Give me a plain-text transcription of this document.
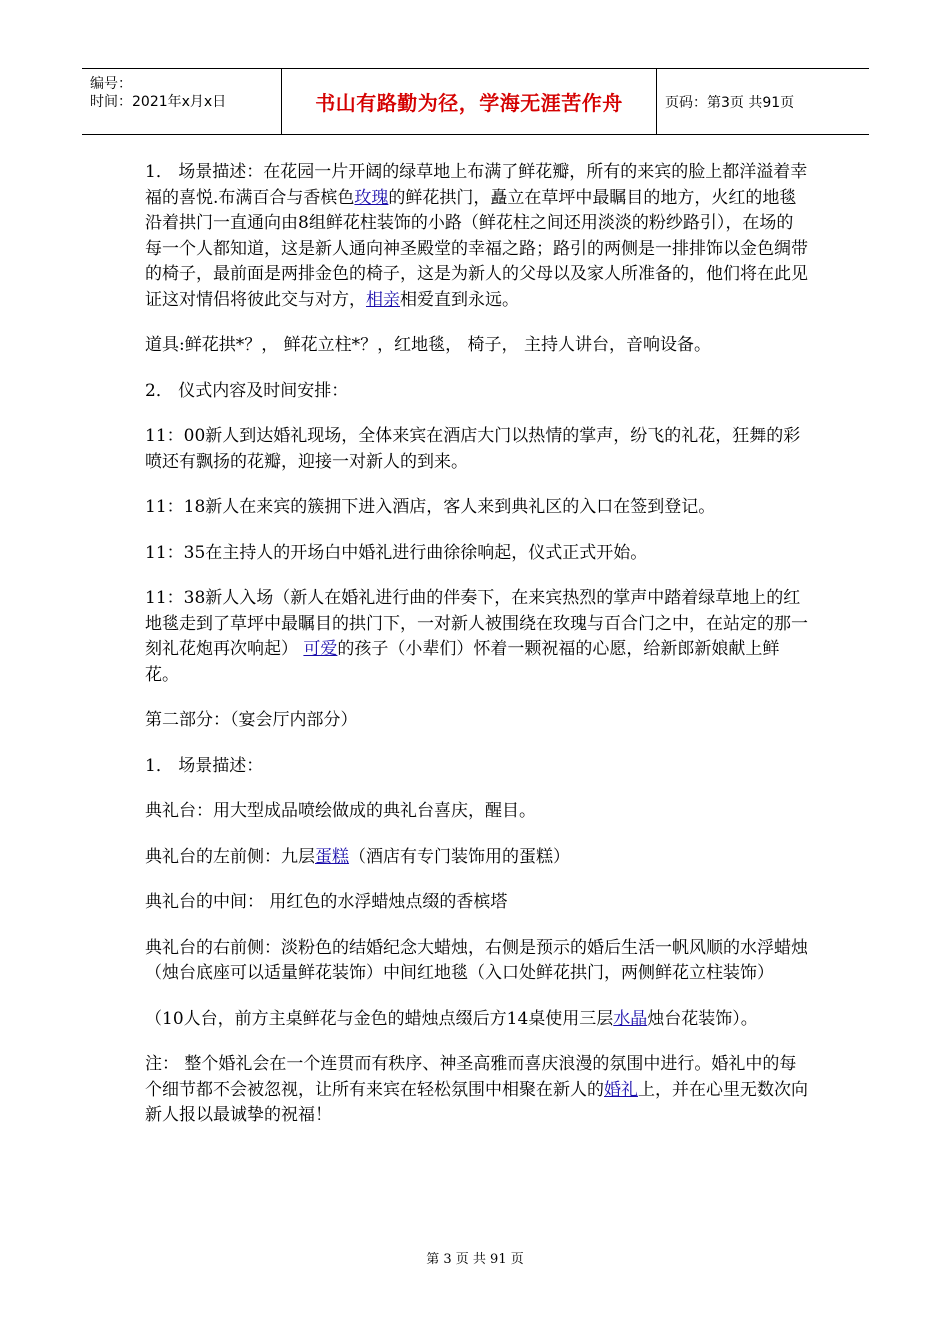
编号：
时间：2021年x月x日	书山有路勤为径，学海无涯苦作舟	页码：第3页 共91页

1． 场景描述：在花园一片开阔的绿草地上布满了鲜花瓣，所有的来宾的脸上都洋溢着幸福的喜悦.布满百合与香槟色玫瑰的鲜花拱门，矗立在草坪中最瞩目的地方，火红的地毯沿着拱门一直通向由8组鲜花柱装饰的小路（鲜花柱之间还用淡淡的粉纱路引），在场的每一个人都知道，这是新人通向神圣殿堂的幸福之路；路引的两侧是一排排饰以金色绸带的椅子，最前面是两排金色的椅子，这是为新人的父母以及家人所准备的，他们将在此见证这对情侣将彼此交与对方，相亲相爱直到永远。

道具:鲜花拱*？， 鲜花立柱*？，红地毯， 椅子， 主持人讲台，音响设备。

2． 仪式内容及时间安排：

11：00新人到达婚礼现场，全体来宾在酒店大门以热情的掌声，纷飞的礼花，狂舞的彩喷还有飘扬的花瓣，迎接一对新人的到来。

11：18新人在来宾的簇拥下进入酒店，客人来到典礼区的入口在签到登记。

11：35在主持人的开场白中婚礼进行曲徐徐响起，仪式正式开始。

11：38新人入场（新人在婚礼进行曲的伴奏下，在来宾热烈的掌声中踏着绿草地上的红地毯走到了草坪中最瞩目的拱门下，一对新人被围绕在玫瑰与百合门之中，在站定的那一刻礼花炮再次响起） 可爱的孩子（小辈们）怀着一颗祝福的心愿，给新郎新娘献上鲜花。

第二部分：（宴会厅内部分）

1． 场景描述：

典礼台：用大型成品喷绘做成的典礼台喜庆，醒目。

典礼台的左前侧：九层蛋糕（酒店有专门装饰用的蛋糕）

典礼台的中间： 用红色的水浮蜡烛点缀的香槟塔

典礼台的右前侧：淡粉色的结婚纪念大蜡烛，右侧是预示的婚后生活一帆风顺的水浮蜡烛（烛台底座可以适量鲜花装饰）中间红地毯（入口处鲜花拱门，两侧鲜花立柱装饰）

（10人台，前方主桌鲜花与金色的蜡烛点缀后方14桌使用三层水晶烛台花装饰）。

注： 整个婚礼会在一个连贯而有秩序、神圣高雅而喜庆浪漫的氛围中进行。婚礼中的每个细节都不会被忽视，让所有来宾在轻松氛围中相聚在新人的婚礼上，并在心里无数次向新人报以最诚挚的祝福！

第 3 页 共 91 页
